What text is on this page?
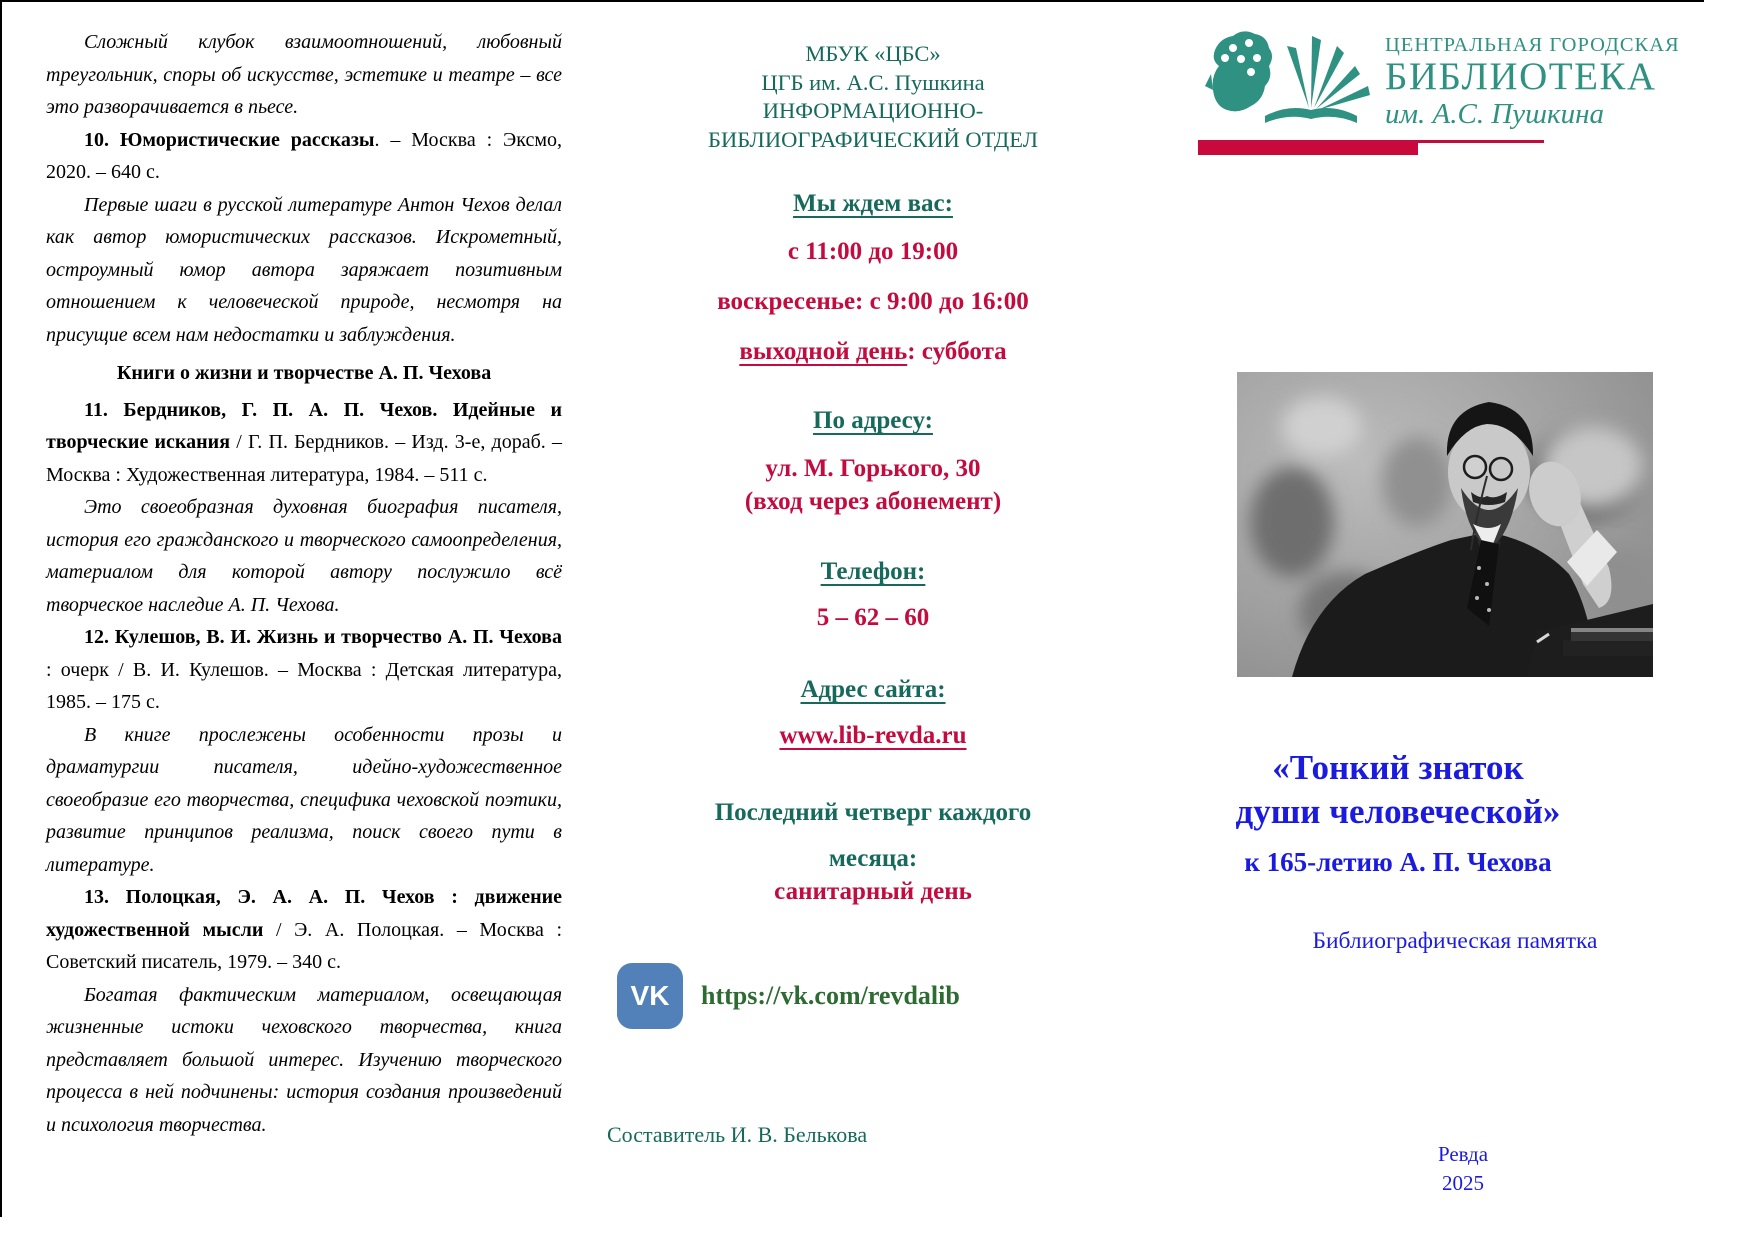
Сложный клубок взаимоотношений, любовный треугольник, споры об искусстве, эстетике и театре – все это разворачивается в пьесе.

10. Юмористические рассказы. – Москва : Эксмо, 2020. – 640 с.

Первые шаги в русской литературе Антон Чехов делал как автор юмористических рассказов. Искрометный, остроумный юмор автора заряжает позитивным отношением к человеческой природе, несмотря на присущие всем нам недостатки и заблуждения.

Книги о жизни и творчестве А. П. Чехова

11. Бердников, Г. П. А. П. Чехов. Идейные и творческие искания / Г. П. Бердников. – Изд. 3-е, дораб. – Москва : Художественная литература, 1984. – 511 с.

Это своеобразная духовная биография писателя, история его гражданского и творческого самоопределения, материалом для которой автору послужило всё творческое наследие А. П. Чехова.

12. Кулешов, В. И. Жизнь и творчество А. П. Чехова : очерк / В. И. Кулешов. – Москва : Детская литература, 1985. – 175 с.

В книге прослежены особенности прозы и драматургии писателя, идейно-художественное своеобразие его творчества, специфика чеховской поэтики, развитие принципов реализма, поиск своего пути в литературе.

13. Полоцкая, Э. А. А. П. Чехов : движение художественной мысли / Э. А. Полоцкая. – Москва : Советский писатель, 1979. – 340 с.

Богатая фактическим материалом, освещающая жизненные истоки чеховского творчества, книга представляет большой интерес. Изучению творческого процесса в ней подчинены: история создания произведений и психология творчества.

МБУК «ЦБС»
ЦГБ им. А.С. Пушкина
ИНФОРМАЦИОННО-БИБЛИОГРАФИЧЕСКИЙ ОТДЕЛ
Мы ждем вас:
с 11:00 до 19:00
воскресенье: с 9:00 до 16:00
выходной день: суббота
По адресу:
ул. М. Горького, 30
(вход через абонемент)
Телефон:
5 – 62 – 60
Адрес сайта:
www.lib-revda.ru
Последний четверг каждого месяца:
санитарный день
VK	https://vk.com/revdalib
Составитель И. В. Белькова
ЦЕНТРАЛЬНАЯ ГОРОДСКАЯ
БИБЛИОТЕКА
им. А.С. Пушкина
«Тонкий знаток
души человеческой»
к 165-летию А. П. Чехова
Библиографическая памятка
Ревда
2025
